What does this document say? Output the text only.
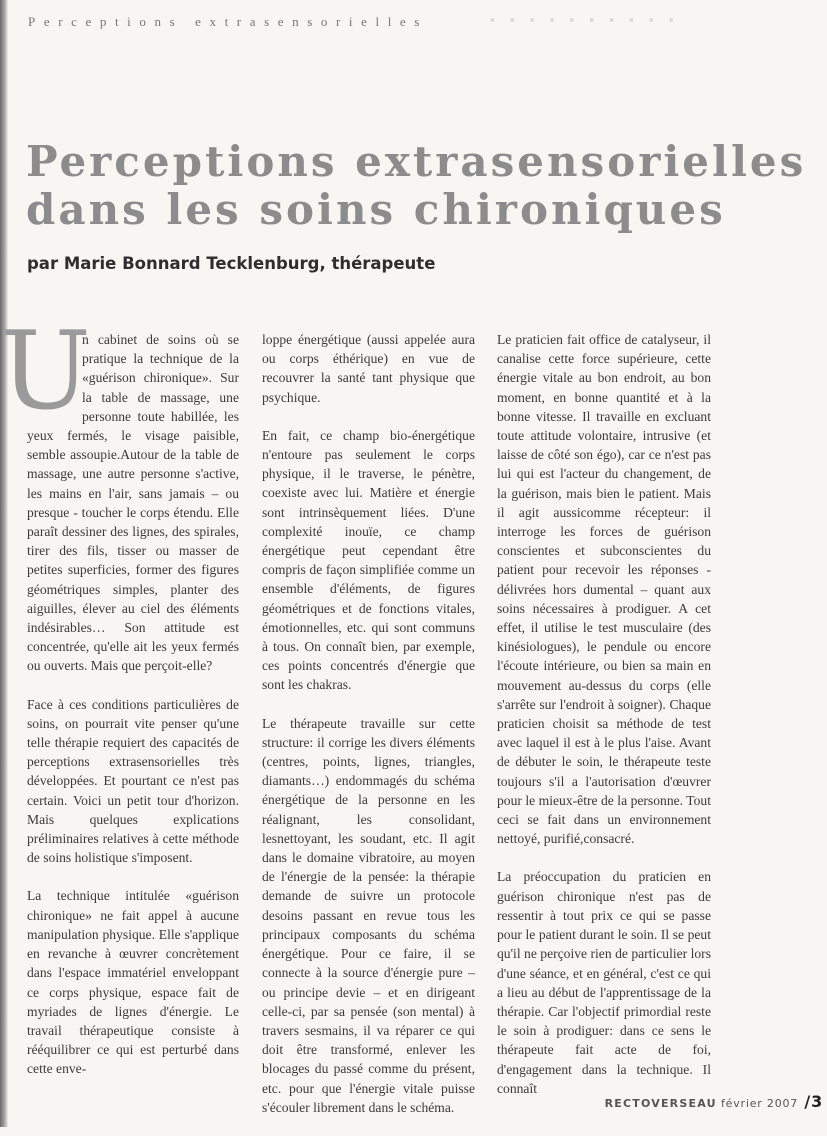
Perceptions extrasensorielles	▪ ▪ ▪ ▪ ▪ ▪ ▪ ▪ ▪ ▪
Perceptions extrasensorielles
dans les soins chironiques
par Marie Bonnard Tecklenburg, thérapeute

U
n cabinet de soins où se pratique la technique de la «guérison chironique». Sur la table de massage, une personne toute habillée, les yeux fermés, le visage paisible, semble assoupie.Autour de la table de massage, une autre personne s'active, les mains en l'air, sans jamais – ou presque - toucher le corps étendu. Elle paraît dessiner des lignes, des spirales, tirer des fils, tisser ou masser de petites superficies, former des figures géométriques simples, planter des aiguilles, élever au ciel des éléments indésirables… Son attitude est concentrée, qu'elle ait les yeux fermés ou ouverts. Mais que perçoit-elle?

Face à ces conditions particulières de soins, on pourrait vite penser qu'une telle thérapie requiert des capacités de perceptions extrasensorielles très développées. Et pourtant ce n'est pas certain. Voici un petit tour d'horizon. Mais quelques explications préliminaires relatives à cette méthode de soins holistique s'imposent.

La technique intitulée «guérison chironique» ne fait appel à aucune manipulation physique. Elle s'applique en revanche à œuvrer concrètement dans l'espace immatériel enveloppant ce corps physique, espace fait de myriades de lignes d'énergie. Le travail thérapeutique consiste à rééquilibrer ce qui est perturbé dans cette enve-

loppe énergétique (aussi appelée aura ou corps éthérique) en vue de recouvrer la santé tant physique que psychique.

En fait, ce champ bio-énergétique n'entoure pas seulement le corps physique, il le traverse, le pénètre, coexiste avec lui. Matière et énergie sont intrinsèquement liées. D'une complexité inouïe, ce champ énergétique peut cependant être compris de façon simplifiée comme un ensemble d'éléments, de figures géométriques et de fonctions vitales, émotionnelles, etc. qui sont communs à tous. On connaît bien, par exemple, ces points concentrés d'énergie que sont les chakras.

Le thérapeute travaille sur cette structure: il corrige les divers éléments (centres, points, lignes, triangles, diamants…) endommagés du schéma énergétique de la personne en les réalignant, les consolidant, lesnettoyant, les soudant, etc. Il agit dans le domaine vibratoire, au moyen de l'énergie de la pensée: la thérapie demande de suivre un protocole desoins passant en revue tous les principaux composants du schéma énergétique. Pour ce faire, il se connecte à la source d'énergie pure – ou principe devie – et en dirigeant celle-ci, par sa pensée (son mental) à travers sesmains, il va réparer ce qui doit être transformé, enlever les blocages du passé comme du présent, etc. pour que l'énergie vitale puisse s'écouler librement dans le schéma.

Le praticien fait office de catalyseur, il canalise cette force supérieure, cette énergie vitale au bon endroit, au bon moment, en bonne quantité et à la bonne vitesse. Il travaille en excluant toute attitude volontaire, intrusive (et laisse de côté son égo), car ce n'est pas lui qui est l'acteur du changement, de la guérison, mais bien le patient. Mais il agit aussicomme récepteur: il interroge les forces de guérison conscientes et subconscientes du patient pour recevoir les réponses - délivrées hors dumental – quant aux soins nécessaires à prodiguer. A cet effet, il utilise le test musculaire (des kinésiologues), le pendule ou encore l'écoute intérieure, ou bien sa main en mouvement au-dessus du corps (elle s'arrête sur l'endroit à soigner). Chaque praticien choisit sa méthode de test avec laquel il est à le plus l'aise. Avant de débuter le soin, le thérapeute teste toujours s'il a l'autorisation d'œuvrer pour le mieux-être de la personne. Tout ceci se fait dans un environnement nettoyé, purifié,consacré.

La préoccupation du praticien en guérison chironique n'est pas de ressentir à tout prix ce qui se passe pour le patient durant le soin. Il se peut qu'il ne perçoive rien de particulier lors d'une séance, et en général, c'est ce qui a lieu au début de l'apprentissage de la thérapie. Car l'objectif primordial reste le soin à prodiguer: dans ce sens le thérapeute fait acte de foi, d'engagement dans la technique. Il connaît

RECTOVERSEAU février 2007 /3
